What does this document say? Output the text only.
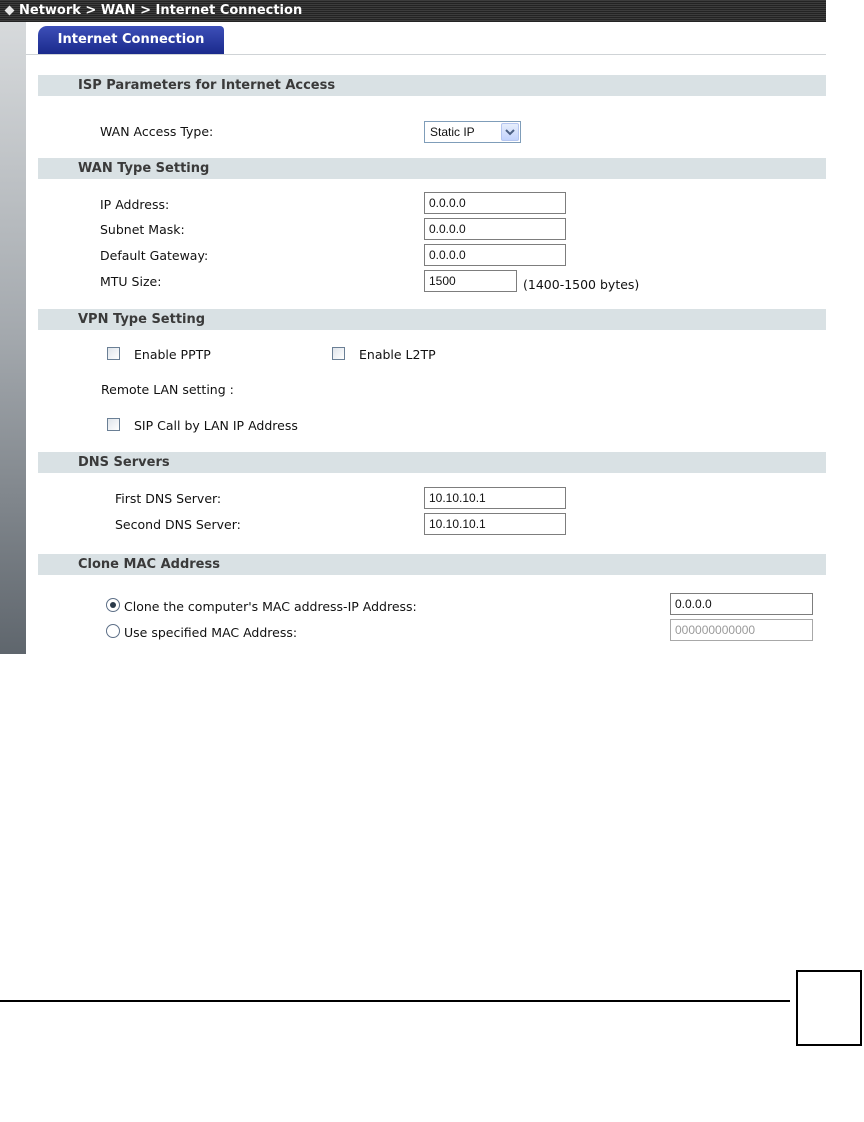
Network > WAN > Internet Connection
Internet Connection
ISP Parameters for Internet Access
WAN Access Type:	Static IP
WAN Type Setting
IP Address:
0.0.0.0
Subnet Mask:
0.0.0.0
Default Gateway:
0.0.0.0
MTU Size:
1500	(1400-1500 bytes)
VPN Type Setting
Enable PPTP	Enable L2TP
Remote LAN setting :
SIP Call by LAN IP Address
DNS Servers
First DNS Server:
10.10.10.1
Second DNS Server:
10.10.10.1
Clone MAC Address
Clone the computer's MAC address-IP Address:
0.0.0.0
Use specified MAC Address:
000000000000
